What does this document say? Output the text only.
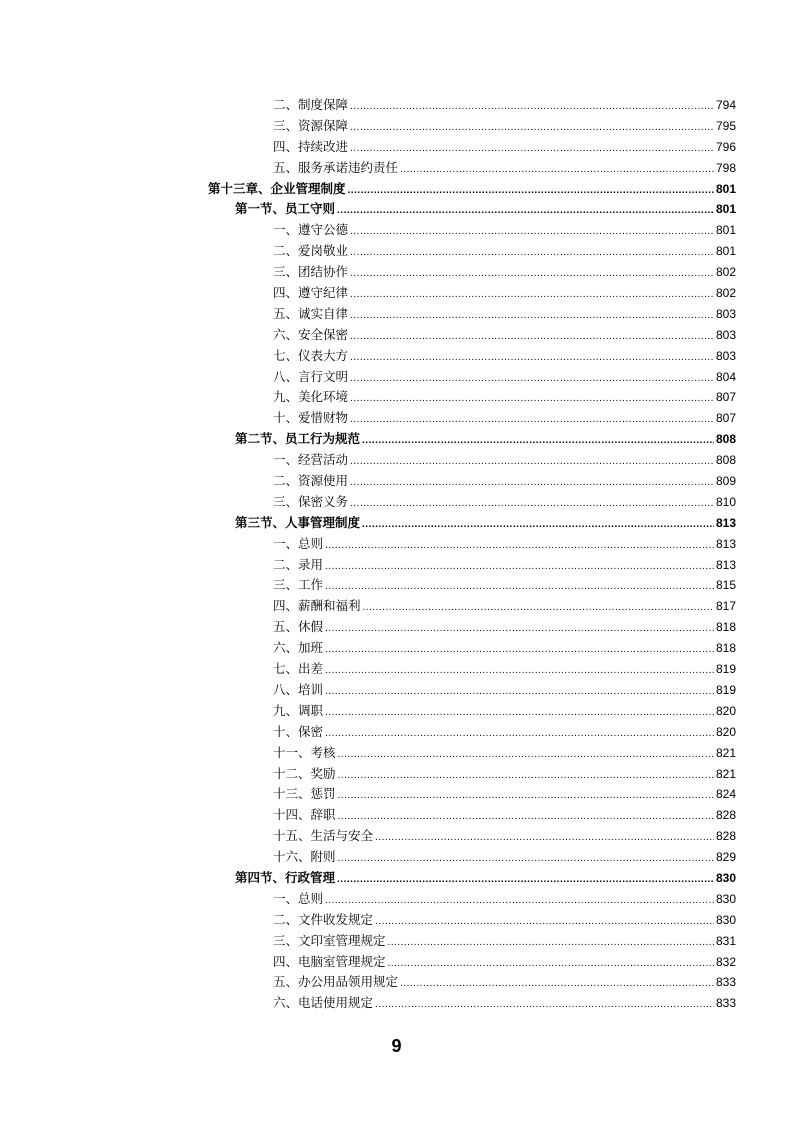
二、制度保障 .....	794
三、资源保障 .....	795
四、持续改进 .....	796
五、服务承诺违约责任 .....	798
第十三章、企业管理制度 .....	801
第一节、员工守则 .....	801
一、遵守公德 .....	801
二、爱岗敬业 .....	801
三、团结协作 .....	802
四、遵守纪律 .....	802
五、诚实自律 .....	803
六、安全保密 .....	803
七、仪表大方 .....	803
八、言行文明 .....	804
九、美化环境 .....	807
十、爱惜财物 .....	807
第二节、员工行为规范 .....	808
一、经营活动 .....	808
二、资源使用 .....	809
三、保密义务 .....	810
第三节、人事管理制度 .....	813
一、总则 .....	813
二、录用 .....	813
三、工作 .....	815
四、薪酬和福利 .....	817
五、休假 .....	818
六、加班 .....	818
七、出差 .....	819
八、培训 .....	819
九、调职 .....	820
十、保密 .....	820
十一、考核 .....	821
十二、奖励 .....	821
十三、惩罚 .....	824
十四、辞职 .....	828
十五、生活与安全 .....	828
十六、附则 .....	829
第四节、行政管理 .....	830
一、总则 .....	830
二、文件收发规定 .....	830
三、文印室管理规定 .....	831
四、电脑室管理规定 .....	832
五、办公用品领用规定 .....	833
六、电话使用规定 .....	833
9
